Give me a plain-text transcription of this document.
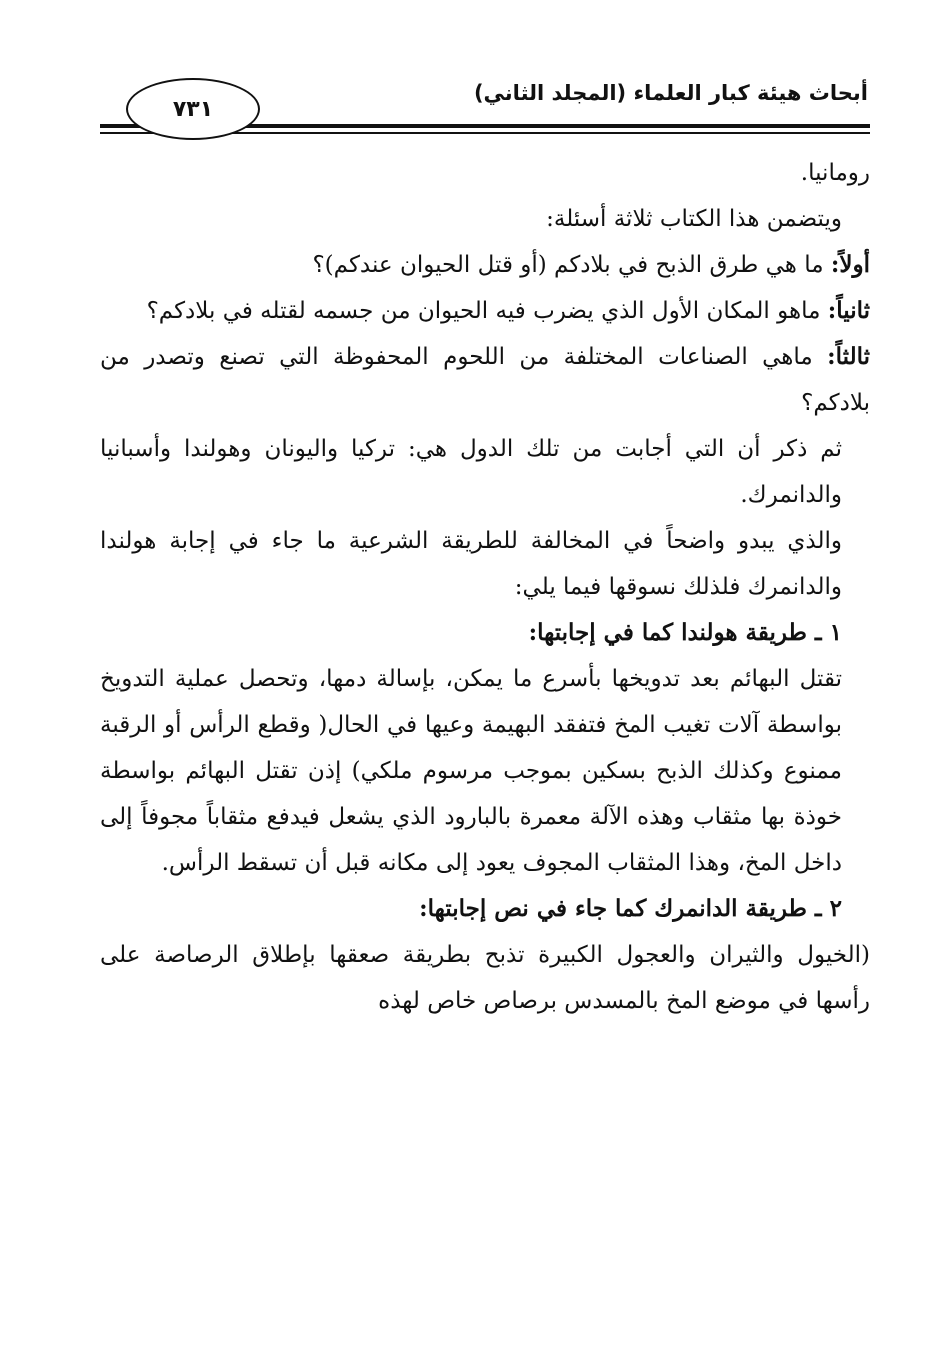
أبحاث هيئة كبار العلماء (المجلد الثاني)
٧٣١

رومانيا.

ويتضمن هذا الكتاب ثلاثة أسئلة:

أولاً: ما هي طرق الذبح في بلادكم (أو قتل الحيوان عندكم)؟

ثانياً: ماهو المكان الأول الذي يضرب فيه الحيوان من جسمه لقتله في بلادكم؟

ثالثاً: ماهي الصناعات المختلفة من اللحوم المحفوظة التي تصنع وتصدر من بلادكم؟

ثم ذكر أن التي أجابت من تلك الدول هي: تركيا واليونان وهولندا وأسبانيا والدانمرك.

والذي يبدو واضحاً في المخالفة للطريقة الشرعية ما جاء في إجابة هولندا والدانمرك فلذلك نسوقها فيما يلي:

١ ـ طريقة هولندا كما في إجابتها:

تقتل البهائم بعد تدويخها بأسرع ما يمكن، بإسالة دمها، وتحصل عملية التدويخ بواسطة آلات تغيب المخ فتفقد البهيمة وعيها في الحال( وقطع الرأس أو الرقبة ممنوع وكذلك الذبح بسكين بموجب مرسوم ملكي) إذن تقتل البهائم بواسطة خوذة بها مثقاب وهذه الآلة معمرة بالبارود الذي يشعل فيدفع مثقاباً مجوفاً إلى داخل المخ، وهذا المثقاب المجوف يعود إلى مكانه قبل أن تسقط الرأس.

٢ ـ طريقة الدانمرك كما جاء في نص إجابتها:

(الخيول والثيران والعجول الكبيرة تذبح بطريقة صعقها بإطلاق الرصاصة على رأسها في موضع المخ بالمسدس برصاص خاص لهذه
